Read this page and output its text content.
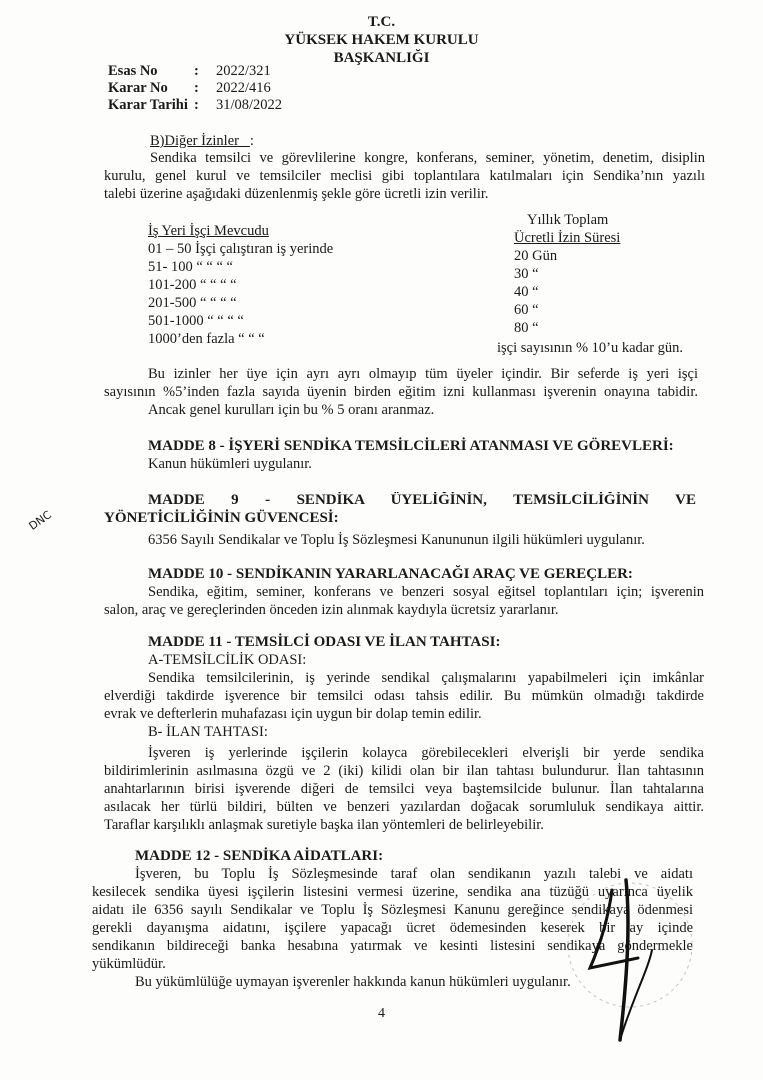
T.C.
YÜKSEK HAKEM KURULU
BAŞKANLIĞI
Esas No	: 2022/321
Karar No : 2022/416
Karar Tarihi : 31/08/2022
B)Diğer İzinler :
Sendika temsilci ve görevlilerine kongre, konferans, seminer, yönetim, denetim, disiplin
kurulu, genel kurul ve temsilciler meclisi gibi toplantılara katılmaları için Sendika’nın yazılı
talebi üzerine aşağıdaki düzenlenmiş şekle göre ücretli izin verilir.
İş Yeri İşçi Mevcudu
01 – 50 İşçi çalıştıran iş yerinde
51- 100 “ “ “ “
101-200 “ “ “ “
201-500 “ “ “ “
501-1000 “ “ “ “
1000’den fazla “ “ “
Yıllık Toplam
Ücretli İzin Süresi
20 Gün
30 “
40 “
60 “
80 “
işçi sayısının % 10’u kadar gün.
Bu izinler her üye için ayrı ayrı olmayıp tüm üyeler içindir. Bir seferde iş yeri işçi
sayısının %5’inden fazla sayıda üyenin birden eğitim izni kullanması işverenin onayına tabidir.
Ancak genel kurulları için bu % 5 oranı aranmaz.
MADDE 8 - İŞYERİ SENDİKA TEMSİLCİLERİ ATANMASI VE GÖREVLERİ:
Kanun hükümleri uygulanır.
MADDE 9 - SENDİKA ÜYELİĞİNİN, TEMSİLCİLİĞİNİN VE
YÖNETİCİLİĞİNİN GÜVENCESİ:
6356 Sayılı Sendikalar ve Toplu İş Sözleşmesi Kanununun ilgili hükümleri uygulanır.
MADDE 10 - SENDİKANIN YARARLANACAĞI ARAÇ VE GEREÇLER:
Sendika, eğitim, seminer, konferans ve benzeri sosyal eğitsel toplantıları için; işverenin
salon, araç ve gereçlerinden önceden izin alınmak kaydıyla ücretsiz yararlanır.
MADDE 11 - TEMSİLCİ ODASI VE İLAN TAHTASI:
A-TEMSİLCİLİK ODASI:
Sendika temsilcilerinin, iş yerinde sendikal çalışmalarını yapabilmeleri için imkânlar
elverdiği takdirde işverence bir temsilci odası tahsis edilir. Bu mümkün olmadığı takdirde
evrak ve defterlerin muhafazası için uygun bir dolap temin edilir.
B- İLAN TAHTASI:
İşveren iş yerlerinde işçilerin kolayca görebilecekleri elverişli bir yerde sendika
bildirimlerinin asılmasına özgü ve 2 (iki) kilidi olan bir ilan tahtası bulundurur. İlan tahtasının
anahtarlarının birisi işverende diğeri de temsilci veya baştemsilcide bulunur. İlan tahtalarına
asılacak her türlü bildiri, bülten ve benzeri yazılardan doğacak sorumluluk sendikaya aittir.
Taraflar karşılıklı anlaşmak suretiyle başka ilan yöntemleri de belirleyebilir.
MADDE 12 - SENDİKA AİDATLARI:
İşveren, bu Toplu İş Sözleşmesinde taraf olan sendikanın yazılı talebi ve aidatı
kesilecek sendika üyesi işçilerin listesini vermesi üzerine, sendika ana tüzüğü uyarınca üyelik
aidatı ile 6356 sayılı Sendikalar ve Toplu İş Sözleşmesi Kanunu gereğince sendikaya ödenmesi
gerekli dayanışma aidatını, işçilere yapacağı ücret ödemesinden keserek bir ay içinde
sendikanın bildireceği banka hesabına yatırmak ve kesinti listesini sendikaya göndermekle
yükümlüdür.
Bu yükümlülüğe uymayan işverenler hakkında kanun hükümleri uygulanır.
DNC
4
